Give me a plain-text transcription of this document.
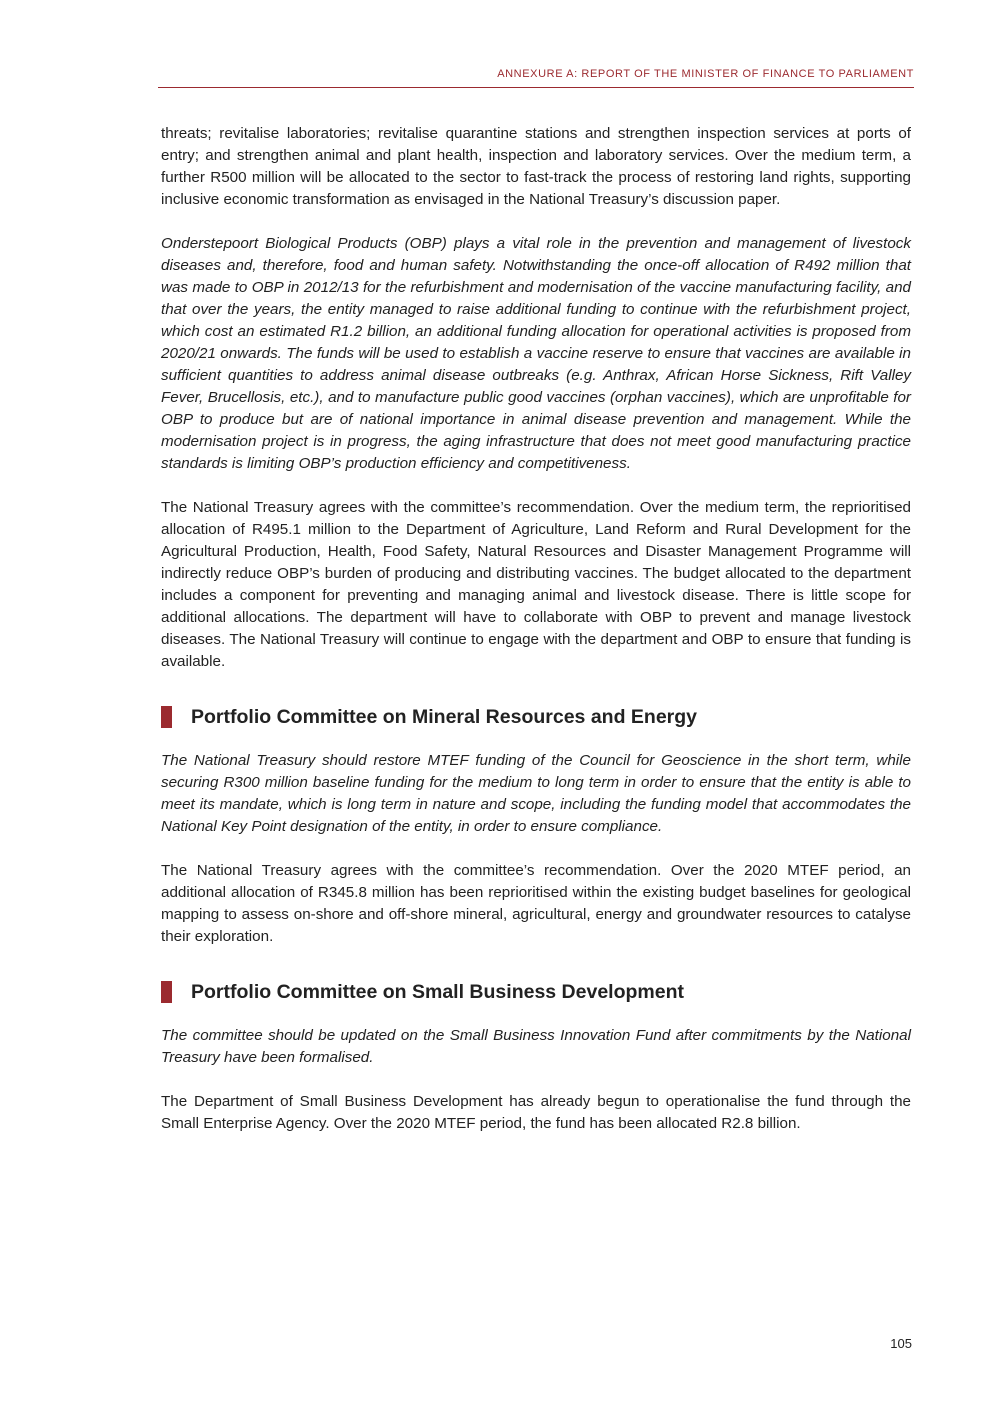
ANNEXURE A: REPORT OF THE MINISTER OF FINANCE TO PARLIAMENT

threats; revitalise laboratories; revitalise quarantine stations and strengthen inspection services at ports of entry; and strengthen animal and plant health, inspection and laboratory services. Over the medium term, a further R500 million will be allocated to the sector to fast-track the process of restoring land rights, supporting inclusive economic transformation as envisaged in the National Treasury’s discussion paper.

Onderstepoort Biological Products (OBP) plays a vital role in the prevention and management of livestock diseases and, therefore, food and human safety. Notwithstanding the once-off allocation of R492 million that was made to OBP in 2012/13 for the refurbishment and modernisation of the vaccine manufacturing facility, and that over the years, the entity managed to raise additional funding to continue with the refurbishment project, which cost an estimated R1.2 billion, an additional funding allocation for operational activities is proposed from 2020/21 onwards. The funds will be used to establish a vaccine reserve to ensure that vaccines are available in sufficient quantities to address animal disease outbreaks (e.g. Anthrax, African Horse Sickness, Rift Valley Fever, Brucellosis, etc.), and to manufacture public good vaccines (orphan vaccines), which are unprofitable for OBP to produce but are of national importance in animal disease prevention and management. While the modernisation project is in progress, the aging infrastructure that does not meet good manufacturing practice standards is limiting OBP’s production efficiency and competitiveness.

The National Treasury agrees with the committee’s recommendation. Over the medium term, the reprioritised allocation of R495.1 million to the Department of Agriculture, Land Reform and Rural Development for the Agricultural Production, Health, Food Safety, Natural Resources and Disaster Management Programme will indirectly reduce OBP’s burden of producing and distributing vaccines. The budget allocated to the department includes a component for preventing and managing animal and livestock disease. There is little scope for additional allocations. The department will have to collaborate with OBP to prevent and manage livestock diseases. The National Treasury will continue to engage with the department and OBP to ensure that funding is available.

Portfolio Committee on Mineral Resources and Energy

The National Treasury should restore MTEF funding of the Council for Geoscience in the short term, while securing R300 million baseline funding for the medium to long term in order to ensure that the entity is able to meet its mandate, which is long term in nature and scope, including the funding model that accommodates the National Key Point designation of the entity, in order to ensure compliance.

The National Treasury agrees with the committee’s recommendation. Over the 2020 MTEF period, an additional allocation of R345.8 million has been reprioritised within the existing budget baselines for geological mapping to assess on-shore and off-shore mineral, agricultural, energy and groundwater resources to catalyse their exploration.

Portfolio Committee on Small Business Development

The committee should be updated on the Small Business Innovation Fund after commitments by the National Treasury have been formalised.

The Department of Small Business Development has already begun to operationalise the fund through the Small Enterprise Agency. Over the 2020 MTEF period, the fund has been allocated R2.8 billion.

105
